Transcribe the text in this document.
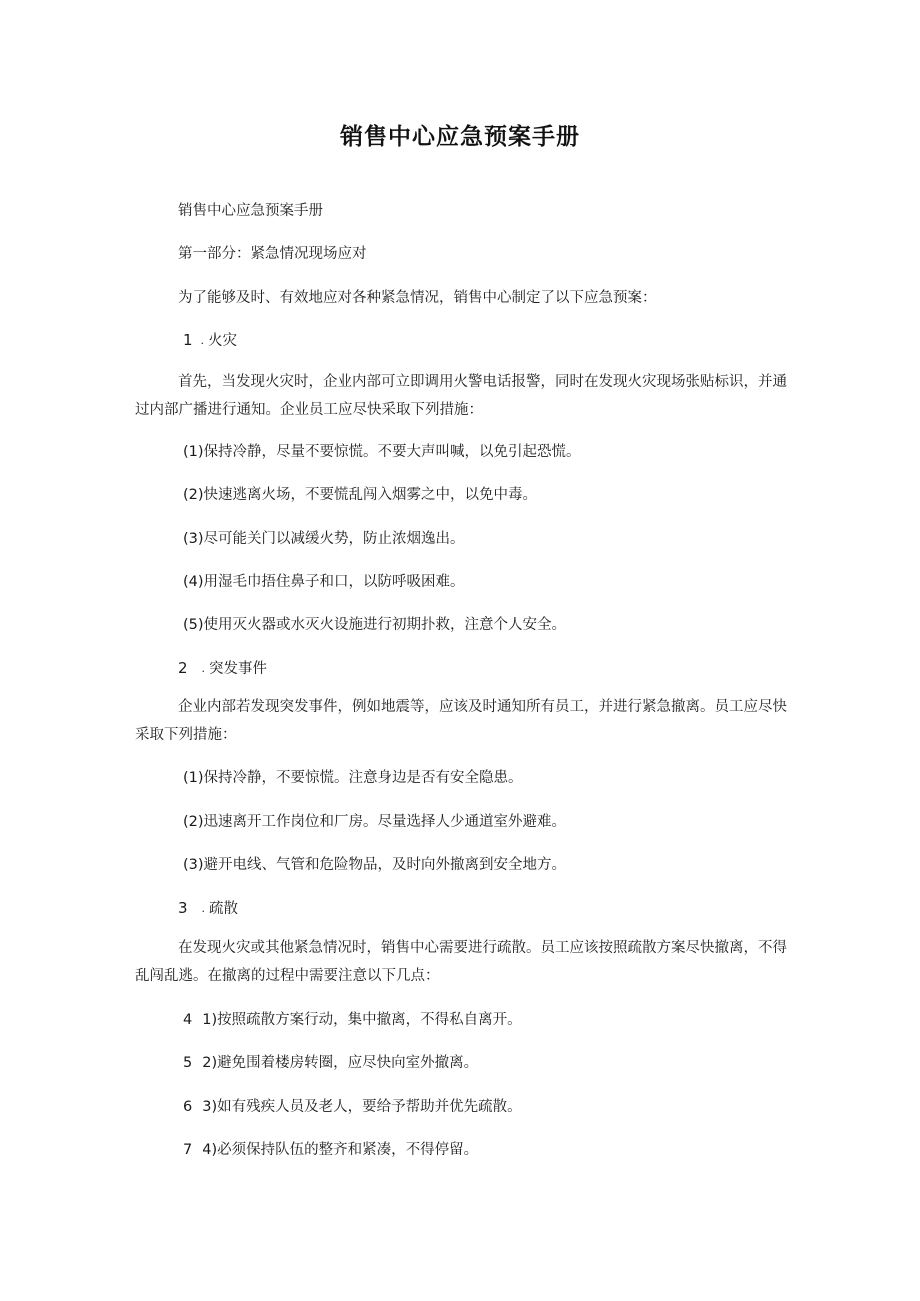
销售中心应急预案手册
销售中心应急预案手册
第一部分：紧急情况现场应对
为了能够及时、有效地应对各种紧急情况，销售中心制定了以下应急预案：
1 . 火灾
首先，当发现火灾时，企业内部可立即调用火警电话报警，同时在发现火灾现场张贴标识，并通过内部广播进行通知。企业员工应尽快采取下列措施：
(1)保持冷静，尽量不要惊慌。不要大声叫喊，以免引起恐慌。
(2)快速逃离火场，不要慌乱闯入烟雾之中，以免中毒。
(3)尽可能关门以减缓火势，防止浓烟逸出。
(4)用湿毛巾捂住鼻子和口，以防呼吸困难。
(5)使用灭火器或水灭火设施进行初期扑救，注意个人安全。
2 . 突发事件
企业内部若发现突发事件，例如地震等，应该及时通知所有员工，并进行紧急撤离。员工应尽快采取下列措施：
(1)保持冷静，不要惊慌。注意身边是否有安全隐患。
(2)迅速离开工作岗位和厂房。尽量选择人少通道室外避难。
(3)避开电线、气管和危险物品，及时向外撤离到安全地方。
3 . 疏散
在发现火灾或其他紧急情况时，销售中心需要进行疏散。员工应该按照疏散方案尽快撤离，不得乱闯乱逃。在撤离的过程中需要注意以下几点：
4 1)按照疏散方案行动，集中撤离，不得私自离开。
5 2)避免围着楼房转圈，应尽快向室外撤离。
6 3)如有残疾人员及老人，要给予帮助并优先疏散。
7 4)必须保持队伍的整齐和紧凑，不得停留。
